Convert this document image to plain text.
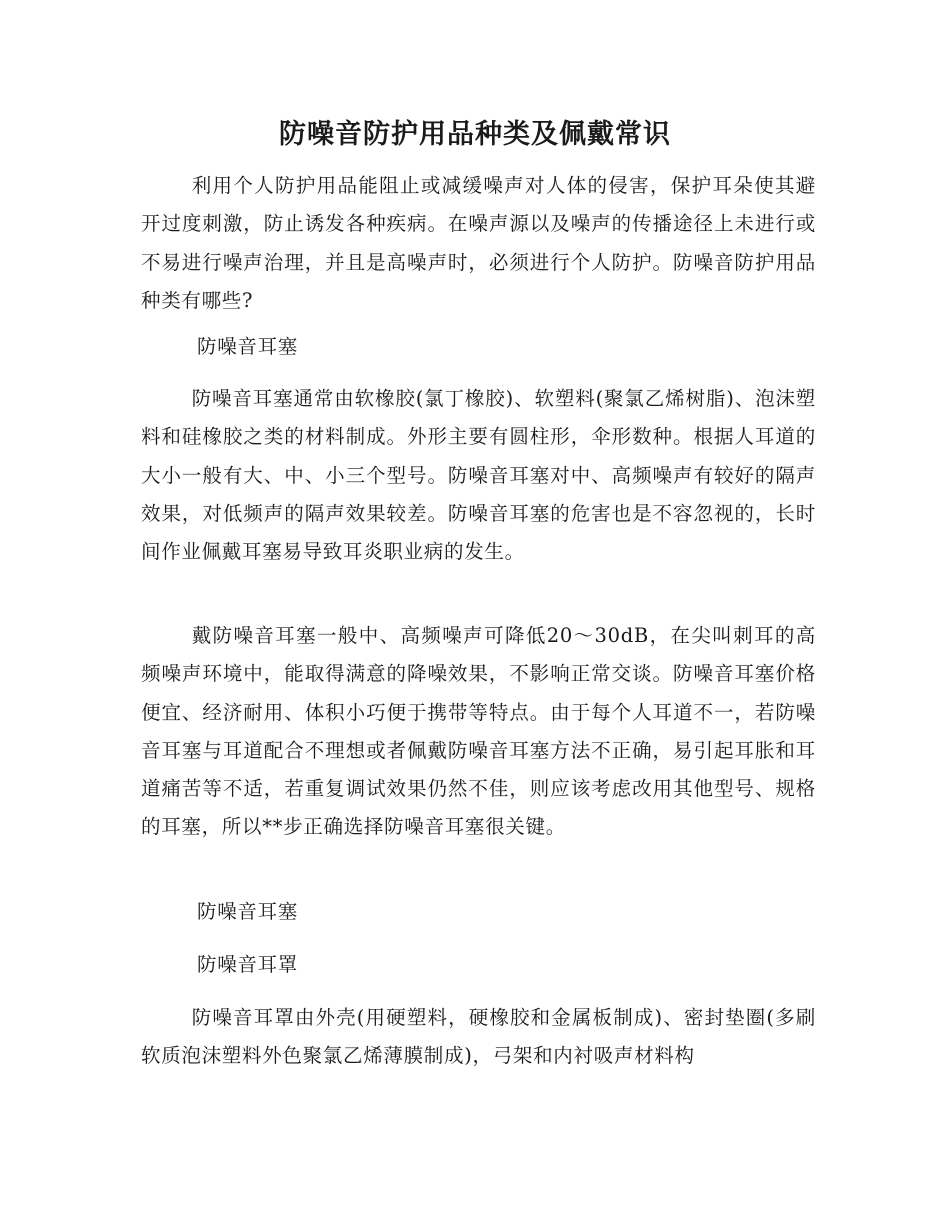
防噪音防护用品种类及佩戴常识

利用个人防护用品能阻止或减缓噪声对人体的侵害，保护耳朵使其避开过度刺激，防止诱发各种疾病。在噪声源以及噪声的传播途径上未进行或不易进行噪声治理，并且是高噪声时，必须进行个人防护。防噪音防护用品种类有哪些?

防噪音耳塞

防噪音耳塞通常由软橡胶(氯丁橡胶)、软塑料(聚氯乙烯树脂)、泡沫塑料和硅橡胶之类的材料制成。外形主要有圆柱形，伞形数种。根据人耳道的大小一般有大、中、小三个型号。防噪音耳塞对中、高频噪声有较好的隔声效果，对低频声的隔声效果较差。防噪音耳塞的危害也是不容忽视的，长时间作业佩戴耳塞易导致耳炎职业病的发生。

戴防噪音耳塞一般中、高频噪声可降低20～30dB，在尖叫刺耳的高频噪声环境中，能取得满意的降噪效果，不影响正常交谈。防噪音耳塞价格便宜、经济耐用、体积小巧便于携带等特点。由于每个人耳道不一，若防噪音耳塞与耳道配合不理想或者佩戴防噪音耳塞方法不正确，易引起耳胀和耳道痛苦等不适，若重复调试效果仍然不佳，则应该考虑改用其他型号、规格的耳塞，所以**步正确选择防噪音耳塞很关键。

防噪音耳塞

防噪音耳罩

防噪音耳罩由外壳(用硬塑料，硬橡胶和金属板制成)、密封垫圈(多刷软质泡沫塑料外色聚氯乙烯薄膜制成)，弓架和内衬吸声材料构
